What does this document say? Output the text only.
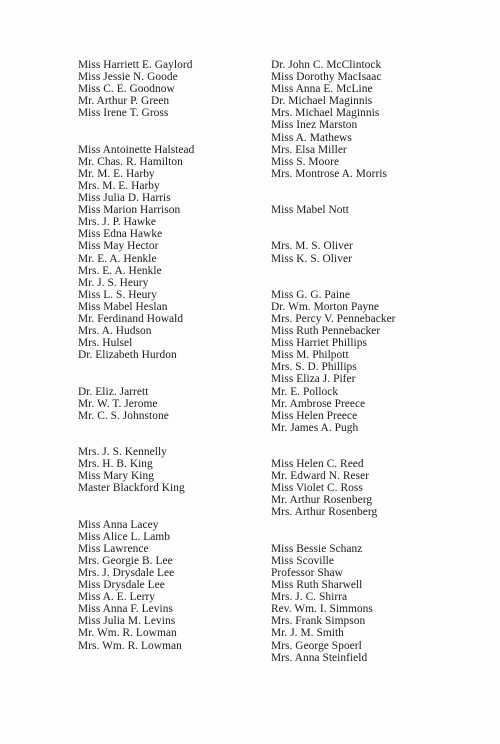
Miss Harriett E. Gaylord
Miss Jessie N. Goode
Miss C. E. Goodnow
Mr. Arthur P. Green
Miss Irene T. Gross
Miss Antoinette Halstead
Mr. Chas. R. Hamilton
Mr. M. E. Harby
Mrs. M. E. Harby
Miss Julia D. Harris
Miss Marion Harrison
Mrs. J. P. Hawke
Miss Edna Hawke
Miss May Hector
Mr. E. A. Henkle
Mrs. E. A. Henkle
Mr. J. S. Heury
Miss L. S. Heury
Miss Mabel Heslan
Mr. Ferdinand Howald
Mrs. A. Hudson
Mrs. Hulsel
Dr. Elizabeth Hurdon
Dr. Eliz. Jarrett
Mr. W. T. Jerome
Mr. C. S. Johnstone
Mrs. J. S. Kennelly
Mrs. H. B. King
Miss Mary King
Master Blackford King
Miss Anna Lacey
Miss Alice L. Lamb
Miss Lawrence
Mrs. Georgie B. Lee
Mrs. J. Drysdale Lee
Miss Drysdale Lee
Miss A. E. Lerry
Miss Anna F. Levins
Miss Julia M. Levins
Mr. Wm. R. Lowman
Mrs. Wm. R. Lowman
Dr. John C. McClintock
Miss Dorothy MacIsaac
Miss Anna E. McLine
Dr. Michael Maginnis
Mrs. Michael Maginnis
Miss Inez Marston
Miss A. Mathews
Mrs. Elsa Miller
Miss S. Moore
Mrs. Montrose A. Morris
Miss Mabel Nott
Mrs. M. S. Oliver
Miss K. S. Oliver
Miss G. G. Paine
Dr. Wm. Morton Payne
Mrs. Percy V. Pennebacker
Miss Ruth Pennebacker
Miss Harriet Phillips
Miss M. Philpott
Mrs. S. D. Phillips
Miss Eliza J. Pifer
Mr. E. Pollock
Mr. Ambrose Preece
Miss Helen Preece
Mr. James A. Pugh
Miss Helen C. Reed
Mr. Edward N. Reser
Miss Violet C. Ross
Mr. Arthur Rosenberg
Mrs. Arthur Rosenberg
Miss Bessie Schanz
Miss Scoville
Professor Shaw
Miss Ruth Sharwell
Mrs. J. C. Shirra
Rev. Wm. I. Simmons
Mrs. Frank Simpson
Mr. J. M. Smith
Mrs. George Spoerl
Mrs. Anna Steinfield
